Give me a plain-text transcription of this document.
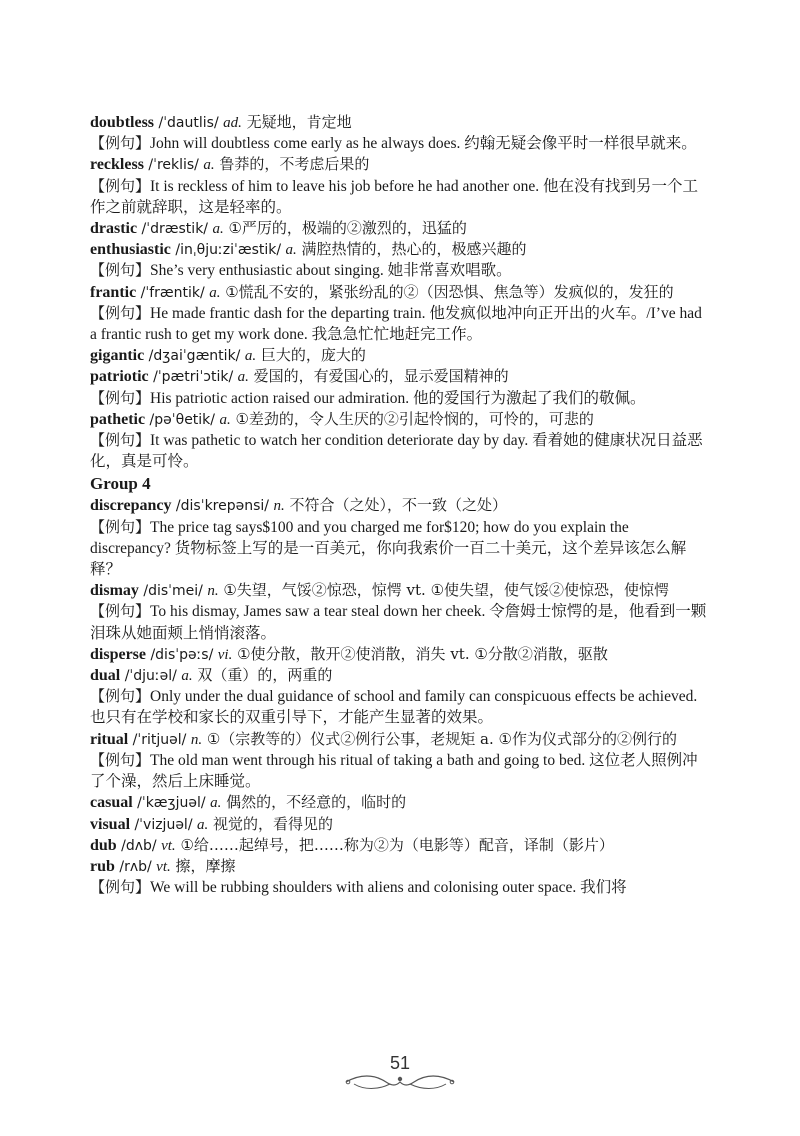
doubtless /ˈdautlis/ ad. 无疑地，肯定地
【例句】John will doubtless come early as he always does. 约翰无疑会像平时一样很早就来。
reckless /ˈreklis/ a. 鲁莽的，不考虑后果的
【例句】It is reckless of him to leave his job before he had another one. 他在没有找到另一个工作之前就辞职，这是轻率的。
drastic /ˈdræstik/ a. ①严厉的，极端的②激烈的，迅猛的
enthusiastic /inˌθjuːziˈæstik/ a. 满腔热情的，热心的，极感兴趣的
【例句】She’s very enthusiastic about singing. 她非常喜欢唱歌。
frantic /ˈfræntik/ a. ①慌乱不安的，紧张纷乱的②（因恐惧、焦急等）发疯似的，发狂的
【例句】He made frantic dash for the departing train. 他发疯似地冲向正开出的火车。/I’ve had a frantic rush to get my work done. 我急急忙忙地赶完工作。
gigantic /dʒaiˈgæntik/ a. 巨大的，庞大的
patriotic /ˈpætriˈɔtik/ a. 爱国的，有爱国心的，显示爱国精神的
【例句】His patriotic action raised our admiration. 他的爱国行为激起了我们的敬佩。
pathetic /pəˈθetik/ a. ①差劲的，令人生厌的②引起怜悯的，可怜的，可悲的
【例句】It was pathetic to watch her condition deteriorate day by day. 看着她的健康状况日益恶化，真是可怜。
Group 4
discrepancy /disˈkrepənsi/ n. 不符合（之处），不一致（之处）
【例句】The price tag says$100 and you charged me for$120; how do you explain the discrepancy? 货物标签上写的是一百美元，你向我索价一百二十美元，这个差异该怎么解释？
dismay /disˈmei/ n. ①失望，气馁②惊恐，惊愕 vt. ①使失望，使气馁②使惊恐，使惊愕
【例句】To his dismay, James saw a tear steal down her cheek. 令詹姆士惊愕的是，他看到一颗泪珠从她面颊上悄悄滚落。
disperse /disˈpəːs/ vi. ①使分散，散开②使消散，消失 vt. ①分散②消散，驱散
dual /ˈdjuːəl/ a. 双（重）的，两重的
【例句】Only under the dual guidance of school and family can conspicuous effects be achieved. 也只有在学校和家长的双重引导下，才能产生显著的效果。
ritual /ˈritjuəl/ n. ①（宗教等的）仪式②例行公事，老规矩 a. ①作为仪式部分的②例行的
【例句】The old man went through his ritual of taking a bath and going to bed. 这位老人照例冲了个澡，然后上床睡觉。
casual /ˈkæʒjuəl/ a. 偶然的，不经意的，临时的
visual /ˈvizjuəl/ a. 视觉的，看得见的
dub /dʌb/ vt. ①给……起绰号，把……称为②为（电影等）配音，译制（影片）
rub /rʌb/ vt. 擦，摩擦
【例句】We will be rubbing shoulders with aliens and colonising outer space. 我们将
51
